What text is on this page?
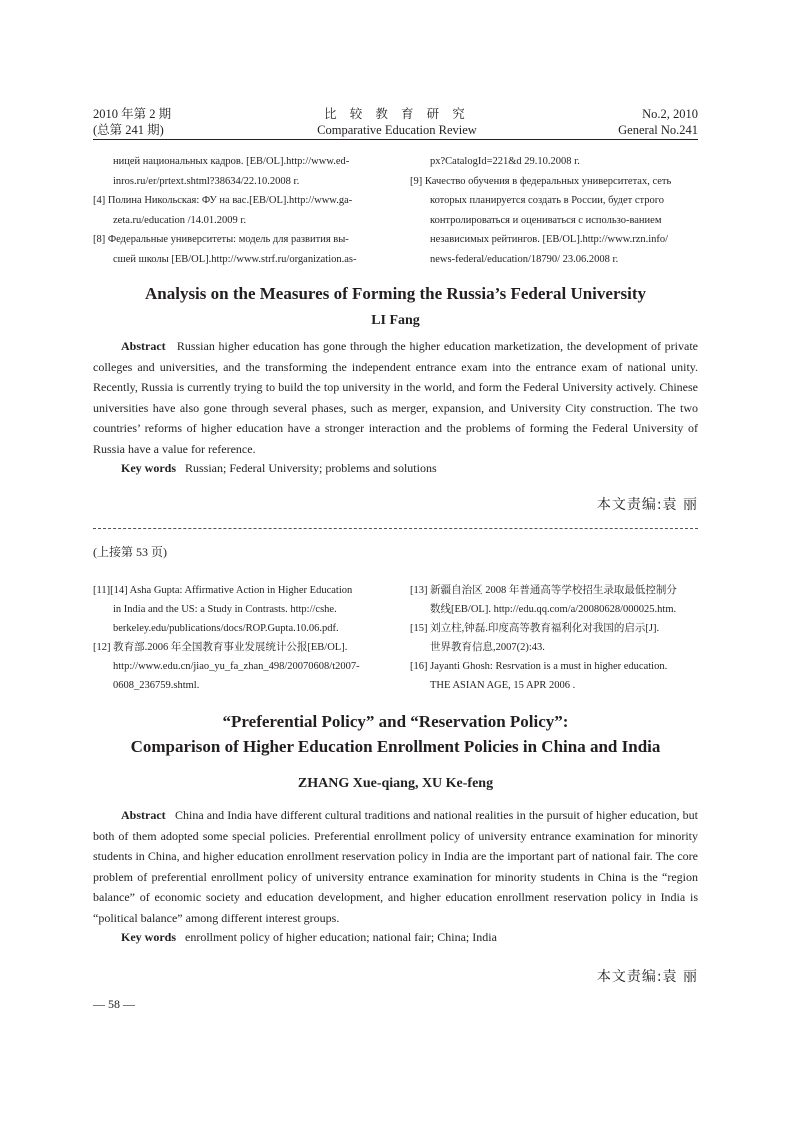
2010 年第 2 期
(总第 241 期)
比 较 教 育 研 究
Comparative Education Review
No.2, 2010
General No.241

ницей национальных кадров. [EB/OL].http://www.ed-

inros.ru/er/prtext.shtml?38634/22.10.2008 г.

[4] Полина Никольская: ФУ на вас.[EB/OL].http://www.ga-

zeta.ru/education /14.01.2009 г.

[8] Федеральные университеты: модель для развития вы-

сшей школы [EB/OL].http://www.strf.ru/organization.as-

px?CatalogId=221&d 29.10.2008 г.

[9] Качество обучения в федеральных университетах, сеть

которых планируется создать в России, будет строго

контролироваться и оцениваться с использо-ванием

независимых рейтингов. [EB/OL].http://www.rzn.info/

news-federal/education/18790/ 23.06.2008 г.

Analysis on the Measures of Forming the Russia’s Federal University
LI Fang

Abstract Russian higher education has gone through the higher education marketization, the development of private colleges and universities, and the transforming the independent entrance exam into the entrance exam of national unity. Recently, Russia is currently trying to build the top university in the world, and form the Federal University actively. Chinese universities have also gone through several phases, such as merger, expansion, and University City construction. The two countries’ reforms of higher education have a stronger interaction and the problems of forming the Federal University of Russia have a value for reference.

Key words Russian; Federal University; problems and solutions
本文责编:袁 丽
(上接第 53 页)

[11][14] Asha Gupta: Affirmative Action in Higher Education

in India and the US: a Study in Contrasts. http://cshe.

berkeley.edu/publications/docs/ROP.Gupta.10.06.pdf.

[12] 教育部.2006 年全国教育事业发展统计公报[EB/OL].

http://www.edu.cn/jiao_yu_fa_zhan_498/20070608/t2007-

0608_236759.shtml.

[13] 新疆自治区 2008 年普通高等学校招生录取最低控制分

数线[EB/OL]. http://edu.qq.com/a/20080628/000025.htm.

[15] 刘立柱,钟磊.印度高等教育福利化对我国的启示[J].

世界教育信息,2007(2):43.

[16] Jayanti Ghosh: Resrvation is a must in higher education.

THE ASIAN AGE, 15 APR 2006 .

“Preferential Policy” and “Reservation Policy”:
Comparison of Higher Education Enrollment Policies in China and India
ZHANG Xue-qiang, XU Ke-feng

Abstract China and India have different cultural traditions and national realities in the pursuit of higher education, but both of them adopted some special policies. Preferential enrollment policy of university entrance examination for minority students in China, and higher education enrollment reservation policy in India are the important part of national fair. The core problem of preferential enrollment policy of university entrance examination for minority students in China is the “region balance” of economic society and education development, and higher education enrollment reservation policy in India is “political balance” among different interest groups.

Key words enrollment policy of higher education; national fair; China; India
本文责编:袁 丽
— 58 —
